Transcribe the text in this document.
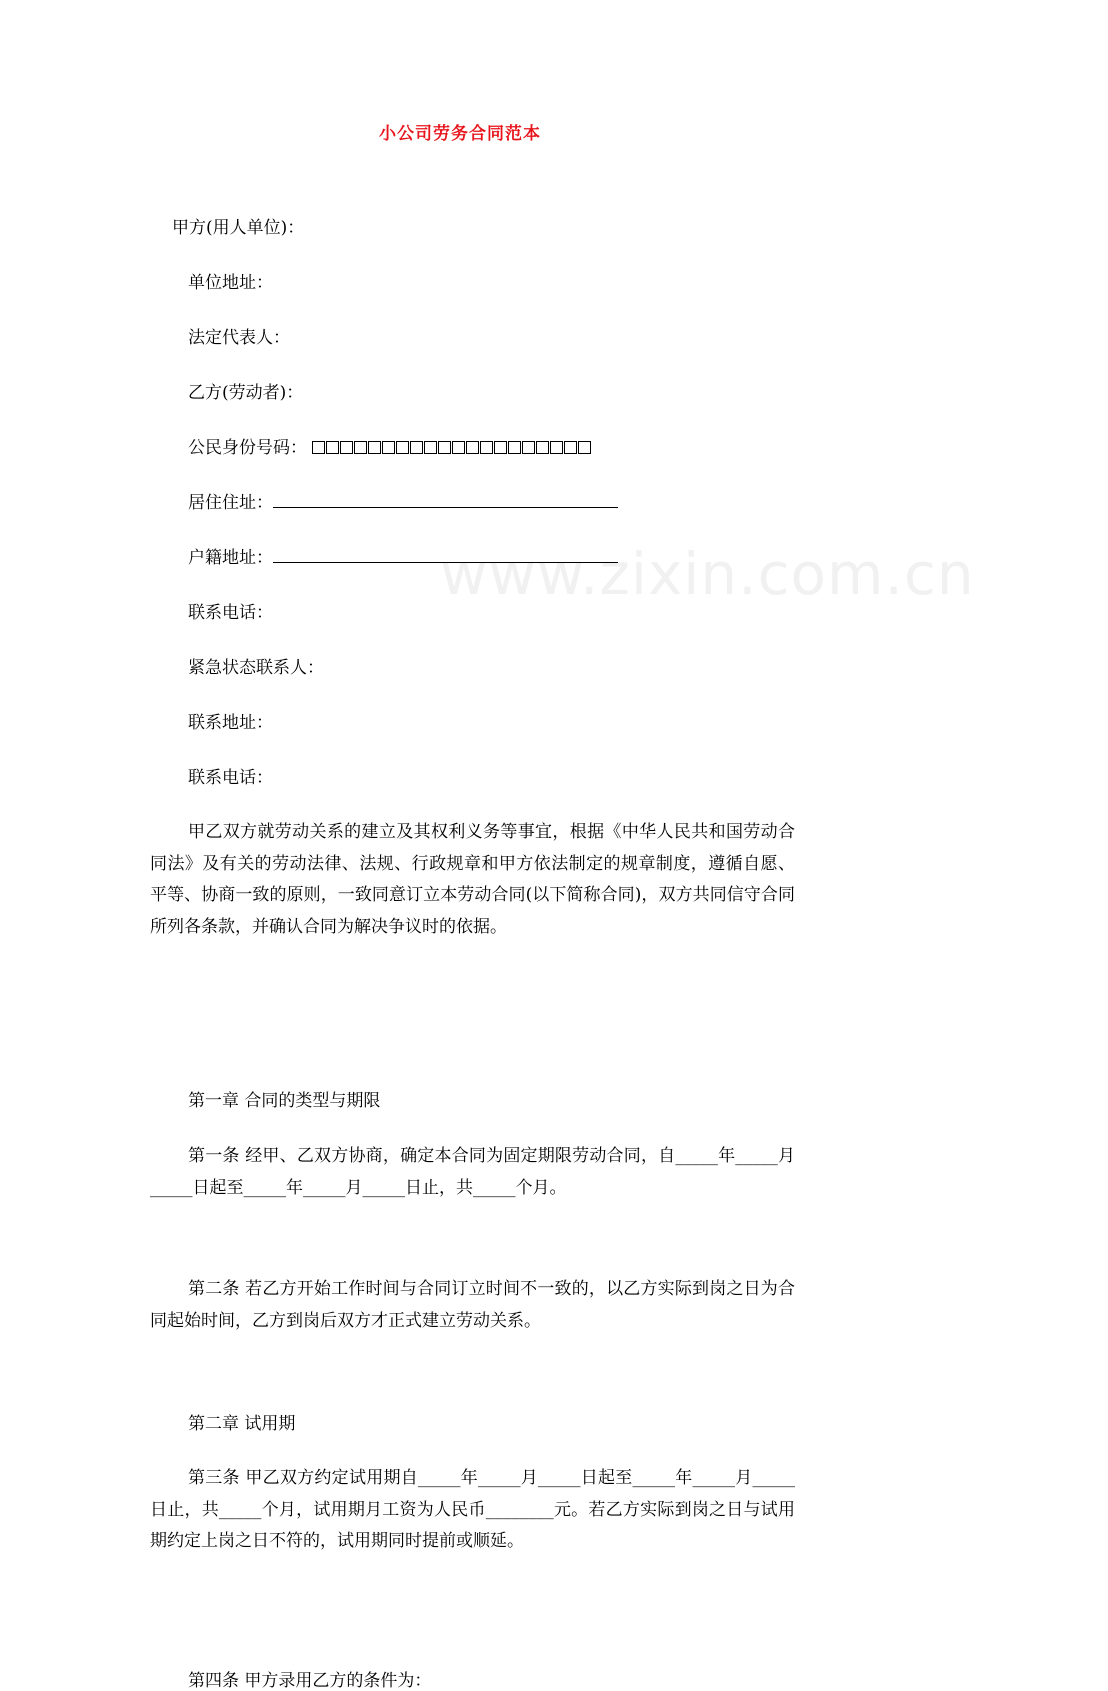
www.zixin.com.cn
小公司劳务合同范本
甲方(用人单位)：
单位地址：
法定代表人：
乙方(劳动者)：
公民身份号码：
居住住址：
户籍地址：
联系电话：
紧急状态联系人：
联系地址：
联系电话：
甲乙双方就劳动关系的建立及其权利义务等事宜，根据《中华人民共和国劳动合同法》及有关的劳动法律、法规、行政规章和甲方依法制定的规章制度，遵循自愿、平等、协商一致的原则，一致同意订立本劳动合同(以下简称合同)，双方共同信守合同所列各条款，并确认合同为解决争议时的依据。
第一章 合同的类型与期限
第一条 经甲、乙双方协商，确定本合同为固定期限劳动合同，自_____年_____月_____日起至_____年_____月_____日止，共_____个月。
第二条 若乙方开始工作时间与合同订立时间不一致的，以乙方实际到岗之日为合同起始时间，乙方到岗后双方才正式建立劳动关系。
第二章 试用期
第三条 甲乙双方约定试用期自_____年_____月_____日起至_____年_____月_____日止，共_____个月，试用期月工资为人民币________元。若乙方实际到岗之日与试用期约定上岗之日不符的，试用期同时提前或顺延。
第四条 甲方录用乙方的条件为：
